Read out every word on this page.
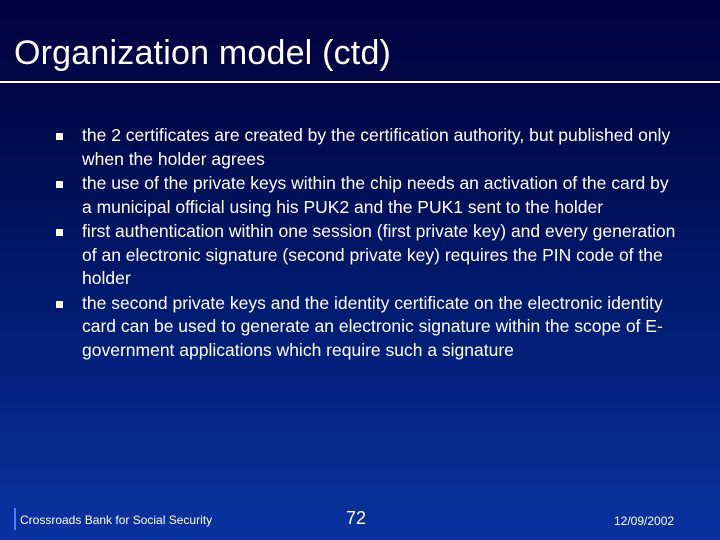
Organization model (ctd)
the 2 certificates are created by the certification authority, but published only when the holder agrees
the use of the private keys within the chip needs an activation of the card by a municipal official using his PUK2 and the PUK1 sent to the holder
first authentication within one session (first private key) and every generation of an electronic signature (second private key) requires the PIN code of the holder
the second private keys and the identity certificate on the electronic identity card can be used to generate an electronic signature within the scope of E-government applications which require such a signature
Crossroads Bank for Social Security	72	12/09/2002
